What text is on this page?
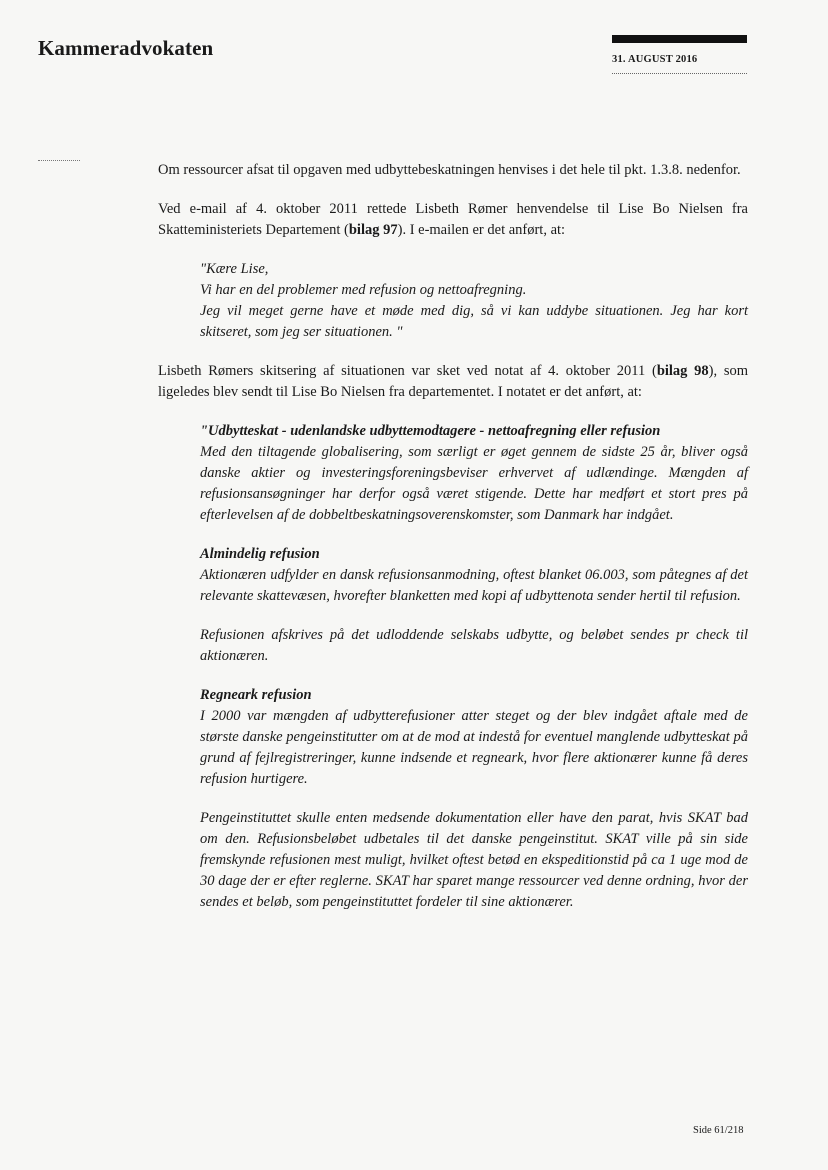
Kammeradvokaten	31. AUGUST 2016

Om ressourcer afsat til opgaven med udbyttebeskatningen henvises i det hele til pkt. 1.3.8. nedenfor.

Ved e-mail af 4. oktober 2011 rettede Lisbeth Rømer henvendelse til Lise Bo Nielsen fra Skatteministeriets Departement (bilag 97). I e-mailen er det anført, at:

"Kære Lise,
Vi har en del problemer med refusion og nettoafregning.
Jeg vil meget gerne have et møde med dig, så vi kan uddybe situationen. Jeg har kort skitseret, som jeg ser situationen. "

Lisbeth Rømers skitsering af situationen var sket ved notat af 4. oktober 2011 (bilag 98), som ligeledes blev sendt til Lise Bo Nielsen fra departementet. I notatet er det anført, at:

"Udbytteskat - udenlandske udbyttemodtagere - nettoafregning eller refusion
Med den tiltagende globalisering, som særligt er øget gennem de sidste 25 år, bliver også danske aktier og investeringsforeningsbeviser erhvervet af udlændinge. Mængden af refusionsansøgninger har derfor også været stigende. Dette har medført et stort pres på efterlevelsen af de dobbeltbeskatningsoverenskomster, som Danmark har indgået.

Almindelig refusion
Aktionæren udfylder en dansk refusionsanmodning, oftest blanket 06.003, som påtegnes af det relevante skattevæsen, hvorefter blanketten med kopi af udbyttenota sender hertil til refusion.

Refusionen afskrives på det udloddende selskabs udbytte, og beløbet sendes pr check til aktionæren.

Regneark refusion
I 2000 var mængden af udbytterefusioner atter steget og der blev indgået aftale med de største danske pengeinstitutter om at de mod at indestå for eventuel manglende udbytteskat på grund af fejlregistreringer, kunne indsende et regneark, hvor flere aktionærer kunne få deres refusion hurtigere.

Pengeinstituttet skulle enten medsende dokumentation eller have den parat, hvis SKAT bad om den. Refusionsbeløbet udbetales til det danske pengeinstitut. SKAT ville på sin side fremskynde refusionen mest muligt, hvilket oftest betød en ekspeditionstid på ca 1 uge mod de 30 dage der er efter reglerne. SKAT har sparet mange ressourcer ved denne ordning, hvor der sendes et beløb, som pengeinstituttet fordeler til sine aktionærer.

Side 61/218
